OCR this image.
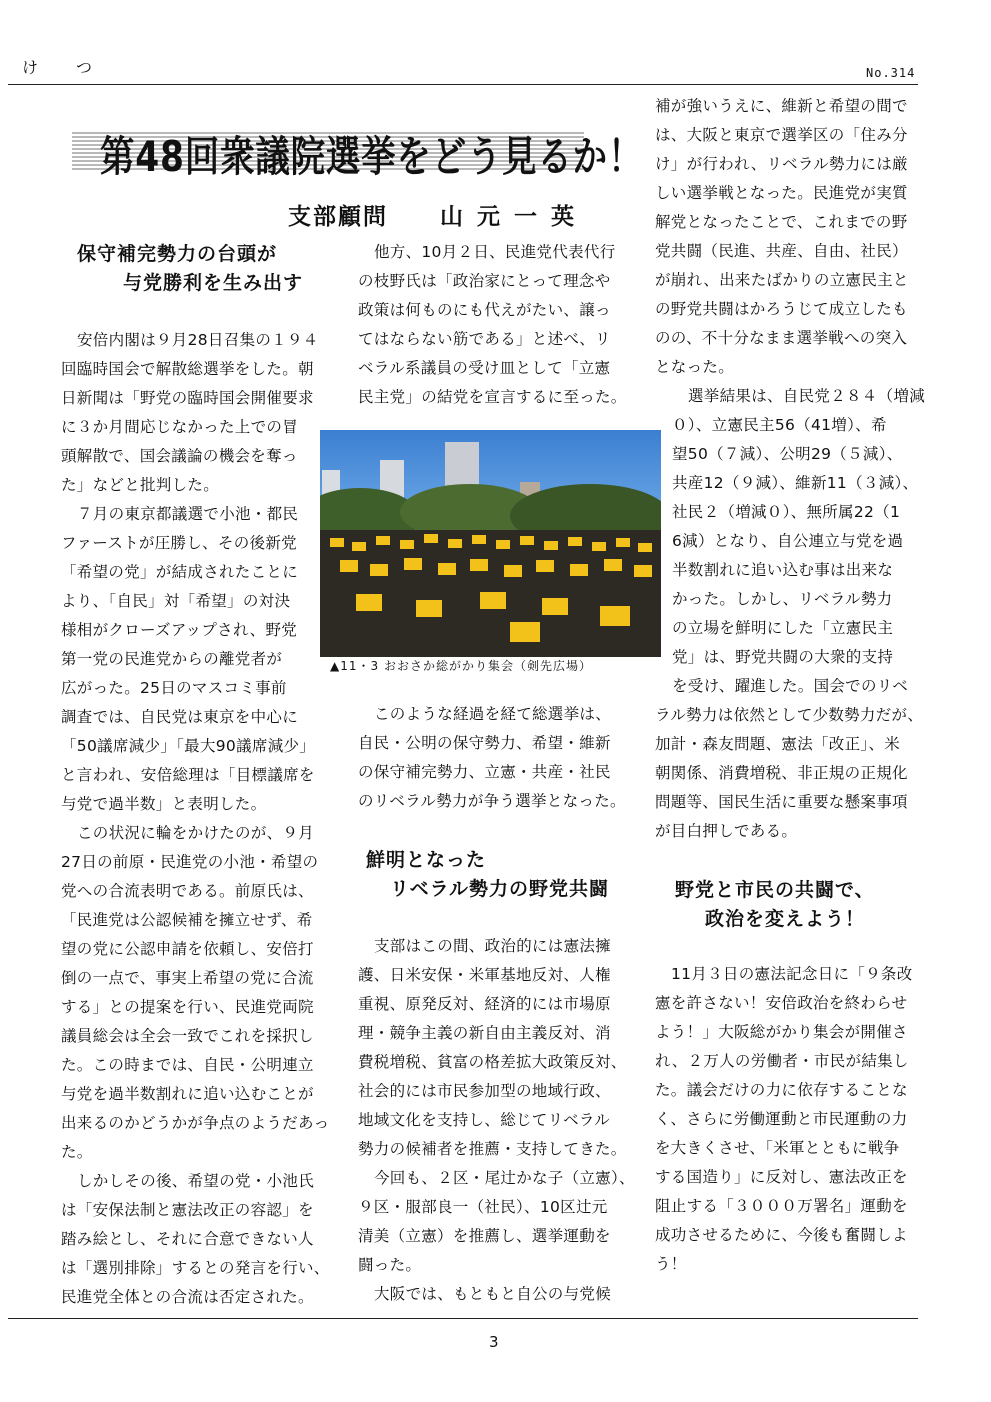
けつ	No.314
第48回衆議院選挙をどう見るか！
支部顧問 山元一英
保守補完勢力の台頭が
与党勝利を生み出す
安倍内閣は９月28日召集の１９４
回臨時国会で解散総選挙をした。朝
日新聞は「野党の臨時国会開催要求
に３か月間応じなかった上での冒
頭解散で、国会議論の機会を奪っ
た」などと批判した。
７月の東京都議選で小池・都民
ファーストが圧勝し、その後新党
「希望の党」が結成されたことに
より、「自民」対「希望」の対決
様相がクローズアップされ、野党
第一党の民進党からの離党者が
広がった。25日のマスコミ事前
調査では、自民党は東京を中心に
「50議席減少」「最大90議席減少」
と言われ、安倍総理は「目標議席を
与党で過半数」と表明した。
この状況に輪をかけたのが、９月
27日の前原・民進党の小池・希望の
党への合流表明である。前原氏は、
「民進党は公認候補を擁立せず、希
望の党に公認申請を依頼し、安倍打
倒の一点で、事実上希望の党に合流
する」との提案を行い、民進党両院
議員総会は全会一致でこれを採択し
た。この時までは、自民・公明連立
与党を過半数割れに追い込むことが
出来るのかどうかが争点のようだあっ
た。
しかしその後、希望の党・小池氏
は「安保法制と憲法改正の容認」を
踏み絵とし、それに合意できない人
は「選別排除」するとの発言を行い、
民進党全体との合流は否定された。
他方、10月２日、民進党代表代行
の枝野氏は「政治家にとって理念や
政策は何ものにも代えがたい、譲っ
てはならない筋である」と述べ、リ
ベラル系議員の受け皿として「立憲
民主党」の結党を宣言するに至った。
▲11・3 おおさか総がかり集会（剣先広場）
このような経過を経て総選挙は、
自民・公明の保守勢力、希望・維新
の保守補完勢力、立憲・共産・社民
のリベラル勢力が争う選挙となった。
鮮明となった
リベラル勢力の野党共闘
支部はこの間、政治的には憲法擁
護、日米安保・米軍基地反対、人権
重視、原発反対、経済的には市場原
理・競争主義の新自由主義反対、消
費税増税、貧富の格差拡大政策反対、
社会的には市民参加型の地域行政、
地域文化を支持し、総じてリベラル
勢力の候補者を推薦・支持してきた。
今回も、２区・尾辻かな子（立憲）、
９区・服部良一（社民）、10区辻元
清美（立憲）を推薦し、選挙運動を
闘った。
大阪では、もともと自公の与党候
補が強いうえに、維新と希望の間で
は、大阪と東京で選挙区の「住み分
け」が行われ、リベラル勢力には厳
しい選挙戦となった。民進党が実質
解党となったことで、これまでの野
党共闘（民進、共産、自由、社民）
が崩れ、出来たばかりの立憲民主と
の野党共闘はかろうじて成立したも
のの、不十分なまま選挙戦への突入
となった。
選挙結果は、自民党２８４（増減
０）、立憲民主56（41増）、希
望50（７減）、公明29（５減）、
共産12（９減）、維新11（３減）、
社民２（増減０）、無所属22（1
6減）となり、自公連立与党を過
半数割れに追い込む事は出来な
かった。しかし、リベラル勢力
の立場を鮮明にした「立憲民主
党」は、野党共闘の大衆的支持
を受け、躍進した。国会でのリベ
ラル勢力は依然として少数勢力だが、
加計・森友問題、憲法「改正」、米
朝関係、消費増税、非正規の正規化
問題等、国民生活に重要な懸案事項
が目白押しである。
野党と市民の共闘で、
政治を変えよう！
11月３日の憲法記念日に「９条改
憲を許さない！安倍政治を終わらせ
よう！」大阪総がかり集会が開催さ
れ、２万人の労働者・市民が結集し
た。議会だけの力に依存することな
く、さらに労働運動と市民運動の力
を大きくさせ、「米軍とともに戦争
する国造り」に反対し、憲法改正を
阻止する「３０００万署名」運動を
成功させるために、今後も奮闘しよ
う！
3
